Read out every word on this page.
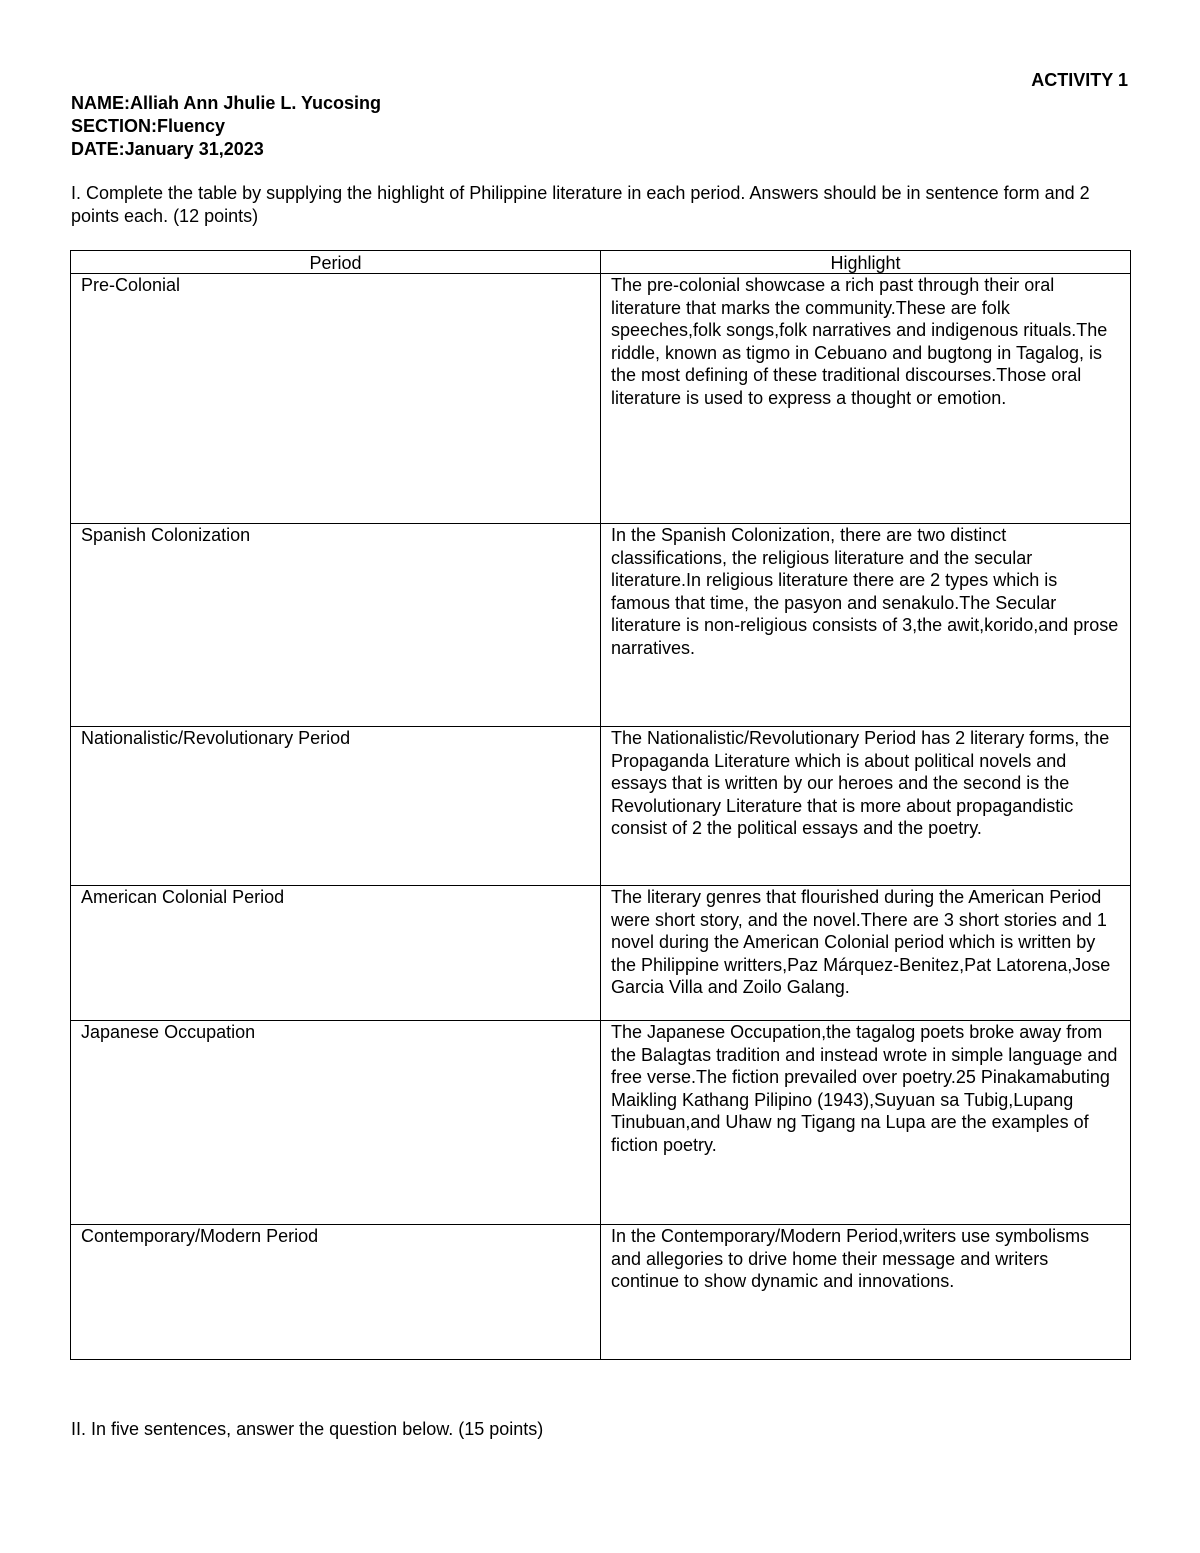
ACTIVITY 1
NAME:Alliah Ann Jhulie L. Yucosing
SECTION:Fluency
DATE:January 31,2023
I. Complete the table by supplying the highlight of Philippine literature in each period. Answers should be in sentence form and 2 points each. (12 points)
Period	Highlight
Pre-Colonial	The pre-colonial showcase a rich past through their oral literature that marks the community.These are folk speeches,folk songs,folk narratives and indigenous rituals.The riddle, known as tigmo in Cebuano and bugtong in Tagalog, is the most defining of these traditional discourses.Those oral literature is used to express a thought or emotion.
Spanish Colonization	In the Spanish Colonization, there are two distinct classifications, the religious literature and the secular literature.In religious literature there are 2 types which is famous that time, the pasyon and senakulo.The Secular literature is non-religious consists of 3,the awit,korido,and prose narratives.
Nationalistic/Revolutionary Period	The Nationalistic/Revolutionary Period has 2 literary forms, the Propaganda Literature which is about political novels and essays that is written by our heroes and the second is the Revolutionary Literature that is more about propagandistic consist of 2 the political essays and the poetry.
American Colonial Period	The literary genres that flourished during the American Period were short story, and the novel.There are 3 short stories and 1 novel during the American Colonial period which is written by the Philippine writters,Paz Márquez-Benitez,Pat Latorena,Jose Garcia Villa and Zoilo Galang.
Japanese Occupation	The Japanese Occupation,the tagalog poets broke away from the Balagtas tradition and instead wrote in simple language and free verse.The fiction prevailed over poetry.25 Pinakamabuting Maikling Kathang Pilipino (1943),Suyuan sa Tubig,Lupang Tinubuan,and Uhaw ng Tigang na Lupa are the examples of fiction poetry.
Contemporary/Modern Period	In the Contemporary/Modern Period,writers use symbolisms and allegories to drive home their message and writers continue to show dynamic and innovations.
II. In five sentences, answer the question below. (15 points)
